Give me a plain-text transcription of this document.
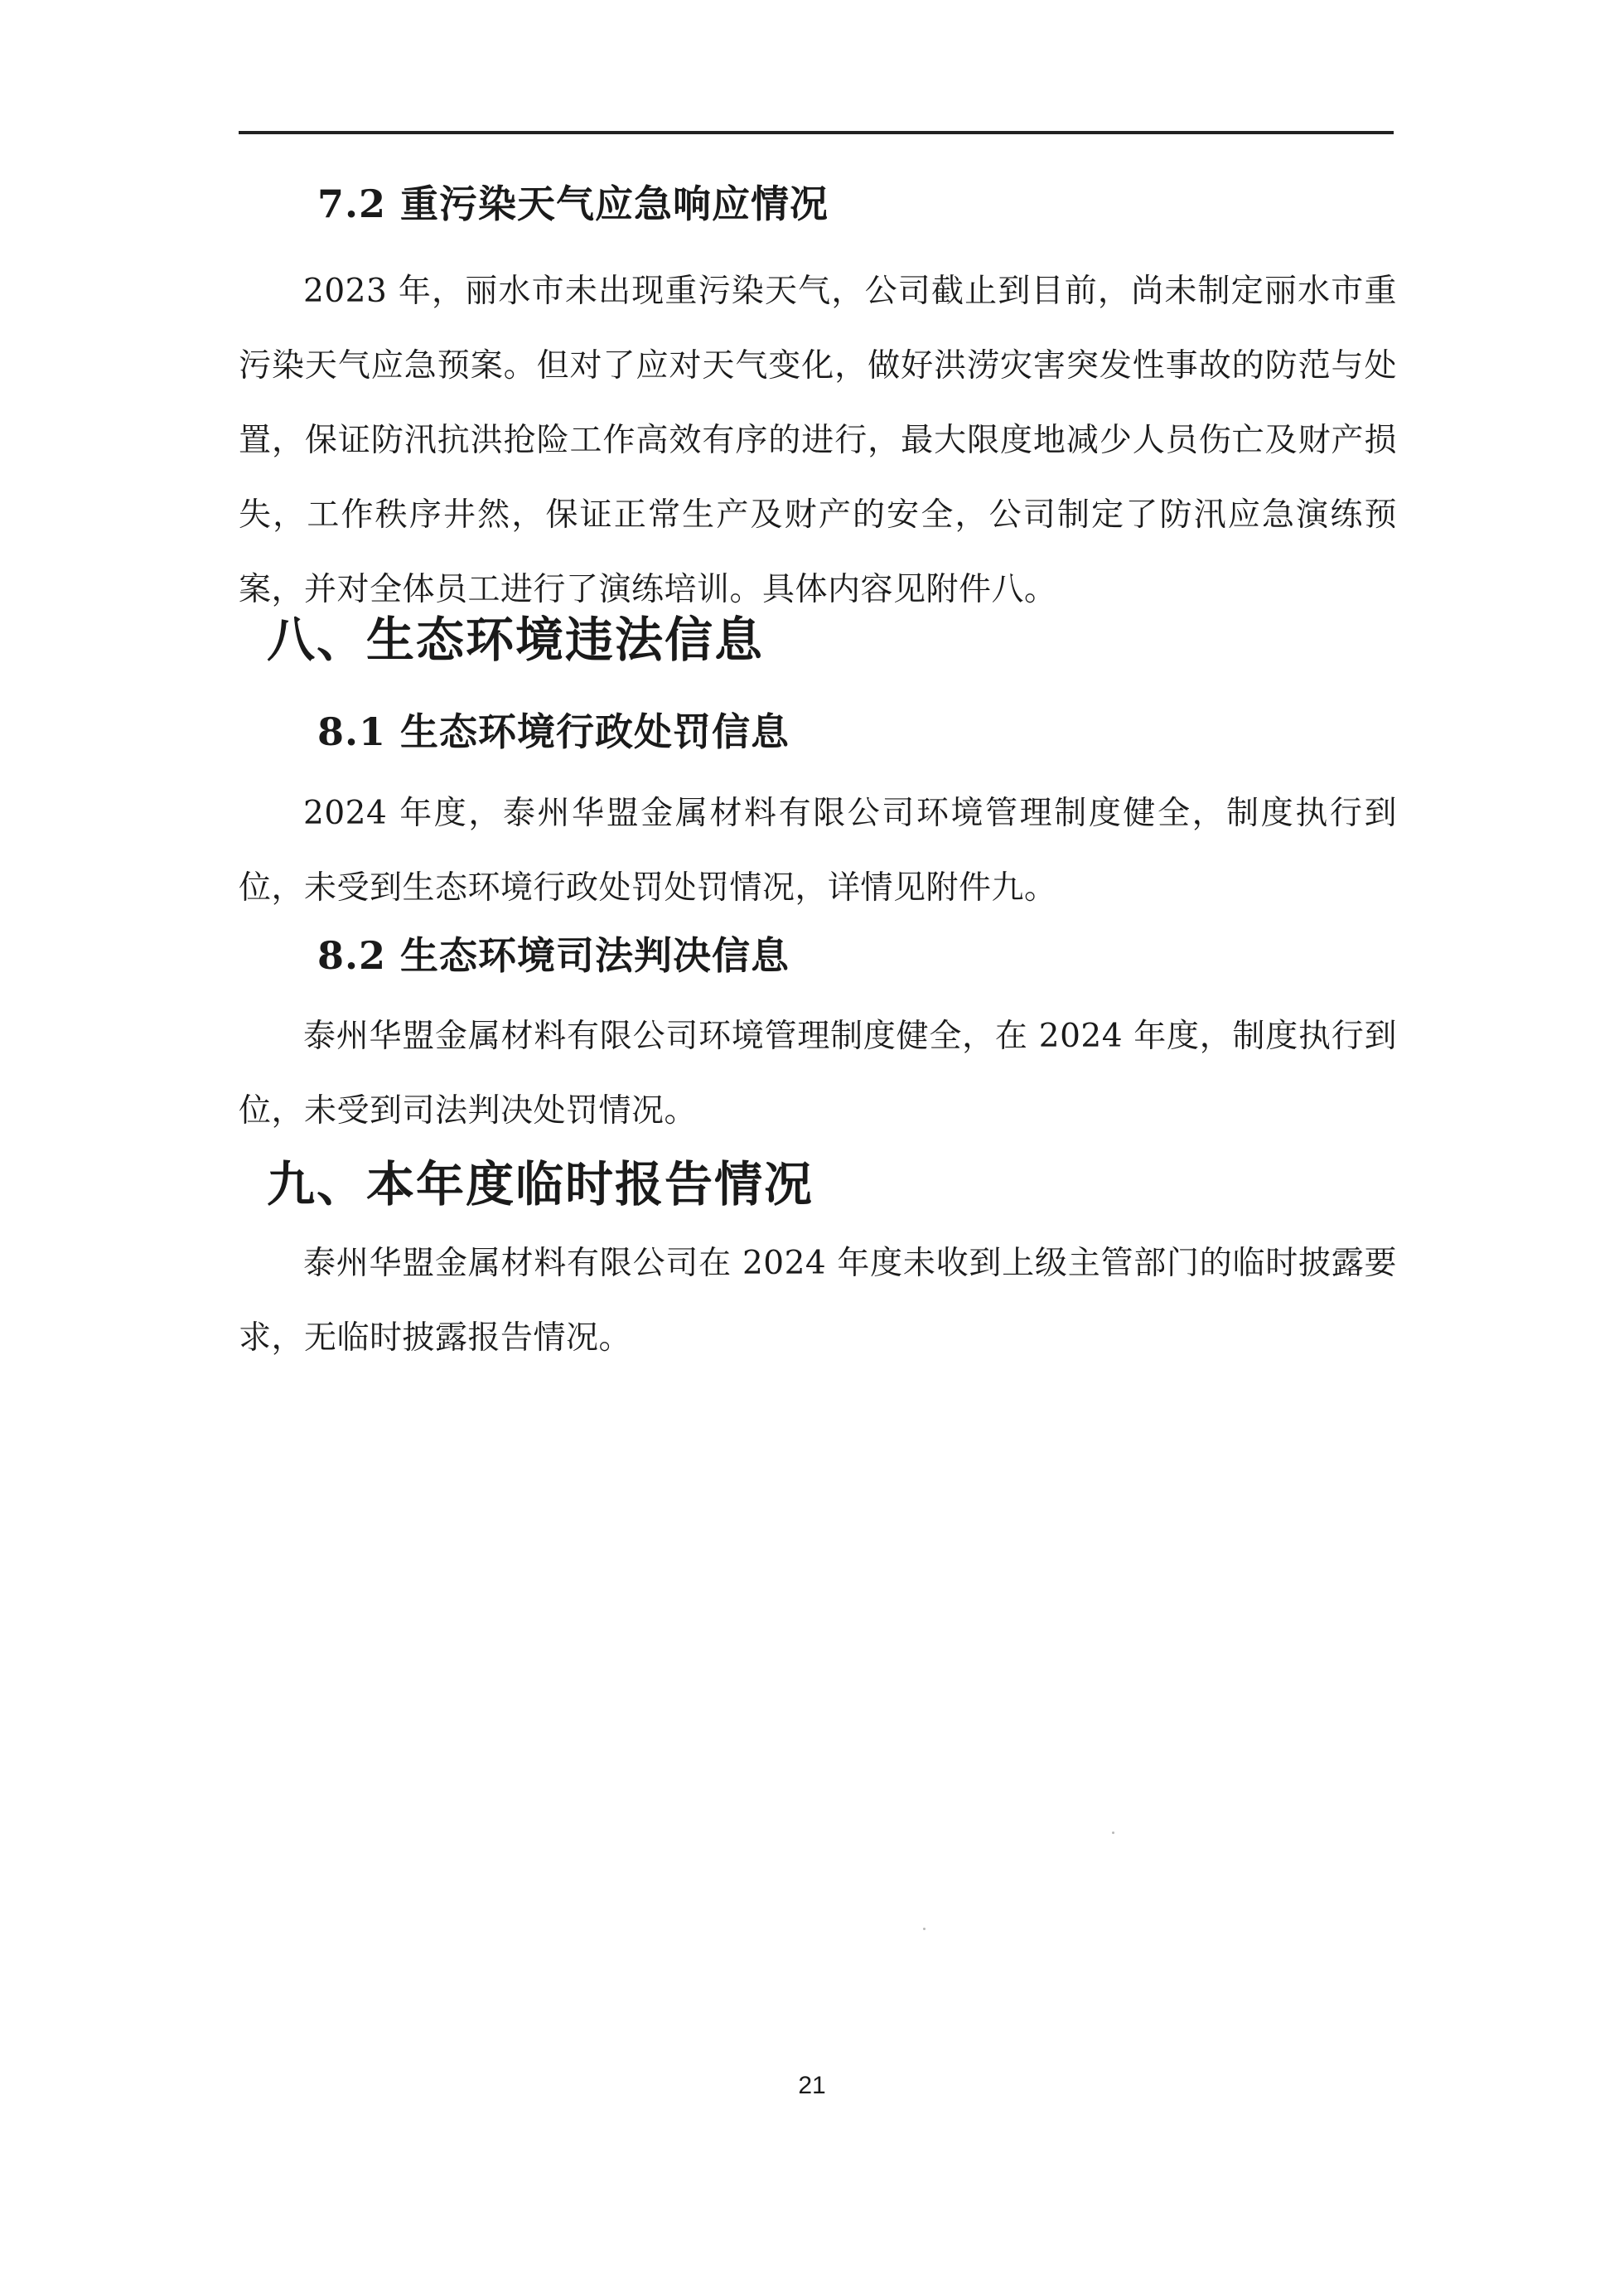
7.2 重污染天气应急响应情况

2023 年，丽水市未出现重污染天气，公司截止到目前，尚未制定丽水市重污染天气应急预案。但对了应对天气变化，做好洪涝灾害突发性事故的防范与处置，保证防汛抗洪抢险工作高效有序的进行，最大限度地减少人员伤亡及财产损失，工作秩序井然，保证正常生产及财产的安全，公司制定了防汛应急演练预案，并对全体员工进行了演练培训。具体内容见附件八。

八、生态环境违法信息
8.1 生态环境行政处罚信息

2024 年度，泰州华盟金属材料有限公司环境管理制度健全，制度执行到位，未受到生态环境行政处罚处罚情况，详情见附件九。

8.2 生态环境司法判决信息

泰州华盟金属材料有限公司环境管理制度健全，在 2024 年度，制度执行到位，未受到司法判决处罚情况。

九、本年度临时报告情况

泰州华盟金属材料有限公司在 2024 年度未收到上级主管部门的临时披露要求，无临时披露报告情况。

21
